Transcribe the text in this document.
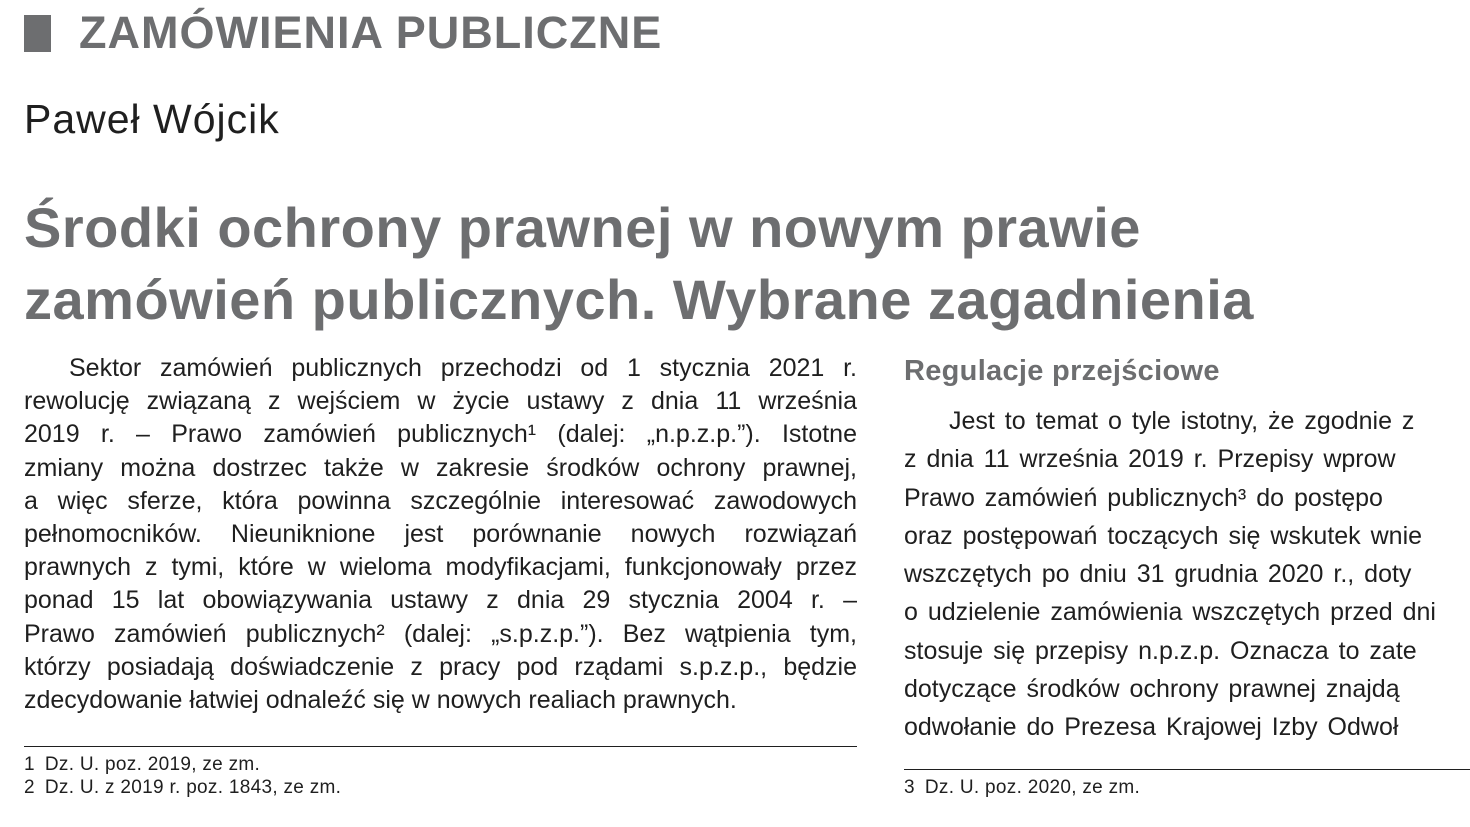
ZAMÓWIENIA PUBLICZNE
Paweł Wójcik
Środki ochrony prawnej w nowym prawie
zamówień publicznych. Wybrane zagadnienia
Sektor zamówień publicznych przechodzi od 1 stycznia 2021 r.
rewolucję związaną z wejściem w życie ustawy z dnia 11 września
2019 r. – Prawo zamówień publicznych¹ (dalej: „n.p.z.p.”). Istotne
zmiany można dostrzec także w zakresie środków ochrony prawnej,
a więc sferze, która powinna szczególnie interesować zawodowych
pełnomocników. Nieuniknione jest porównanie nowych rozwiązań
prawnych z tymi, które w wieloma modyfikacjami, funkcjonowały przez
ponad 15 lat obowiązywania ustawy z dnia 29 stycznia 2004 r. –
Prawo zamówień publicznych² (dalej: „s.p.z.p.”). Bez wątpienia tym,
którzy posiadają doświadczenie z pracy pod rządami s.p.z.p., będzie
zdecydowanie łatwiej odnaleźć się w nowych realiach prawnych.
1 Dz. U. poz. 2019, ze zm.
2 Dz. U. z 2019 r. poz. 1843, ze zm.
Regulacje przejściowe
Jest to temat o tyle istotny, że zgodnie z
z dnia 11 września 2019 r. Przepisy wprow
Prawo zamówień publicznych³ do postępo
oraz postępowań toczących się wskutek wnie
wszczętych po dniu 31 grudnia 2020 r., doty
o udzielenie zamówienia wszczętych przed dni
stosuje się przepisy n.p.z.p. Oznacza to zate
dotyczące środków ochrony prawnej znajdą
odwołanie do Prezesa Krajowej Izby Odwoł
3 Dz. U. poz. 2020, ze zm.
